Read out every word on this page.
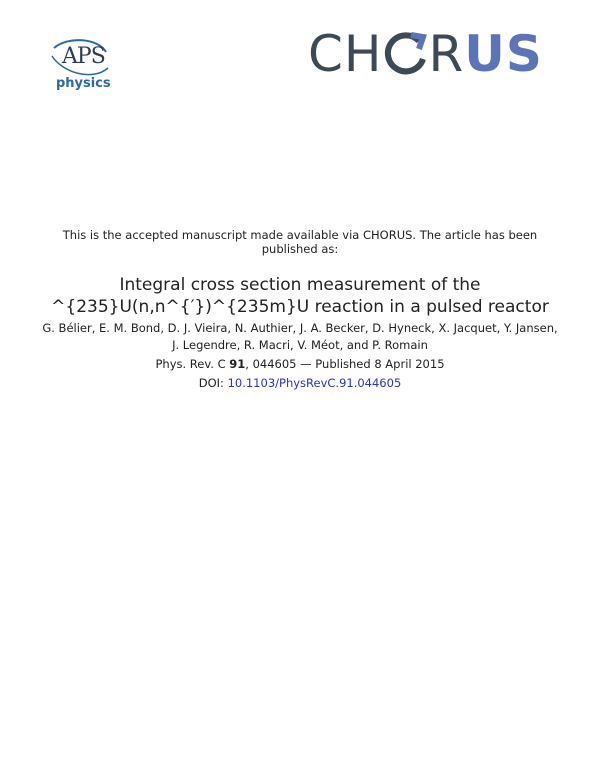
APS
physics
CH RUS
This is the accepted manuscript made available via CHORUS. The article has been published as:
Integral cross section measurement of the
^{235}U(n,n^{′})^{235m}U reaction in a pulsed reactor
G. Bélier, E. M. Bond, D. J. Vieira, N. Authier, J. A. Becker, D. Hyneck, X. Jacquet, Y. Jansen,
J. Legendre, R. Macri, V. Méot, and P. Romain
Phys. Rev. C 91, 044605 — Published 8 April 2015
DOI: 10.1103/PhysRevC.91.044605
